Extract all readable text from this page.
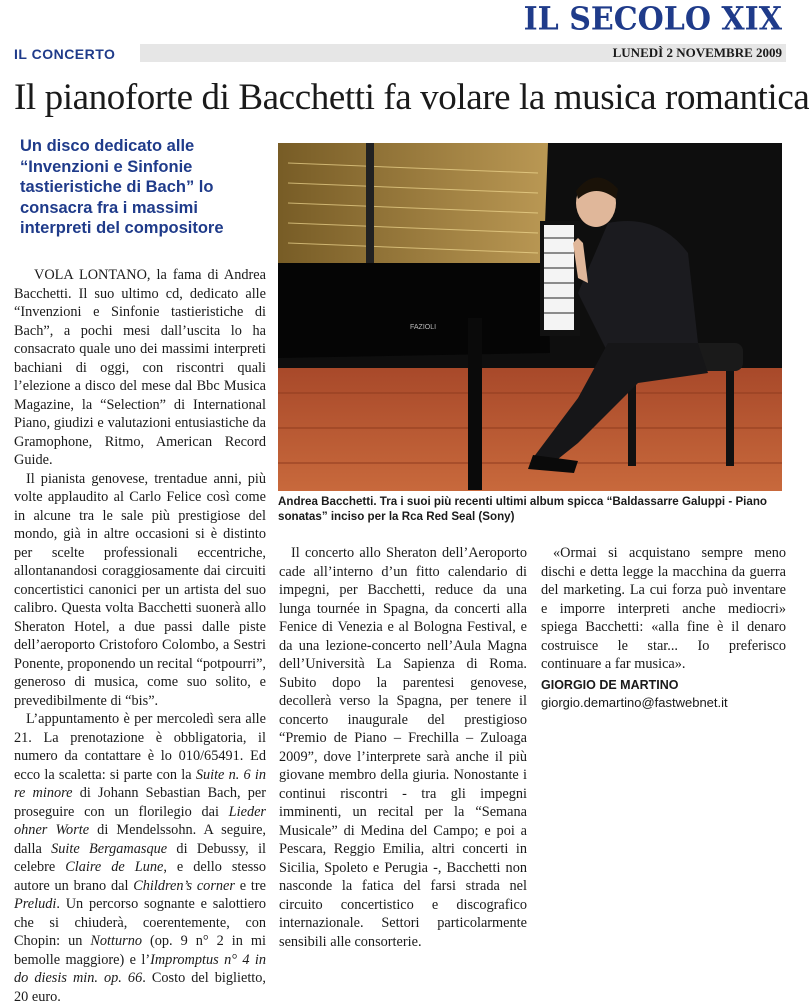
IL SECOLO XIX
IL CONCERTO	LUNEDÌ 2 NOVEMBRE 2009
Il pianoforte di Bacchetti fa volare la musica romantica
Un disco dedicato alle “Invenzioni e Sinfonie tastieristiche di Bach” lo consacra fra i massimi interpreti del compositore
FAZIOLI
Andrea Bacchetti. Tra i suoi più recenti ultimi album spicca “Baldassarre Galuppi - Piano sonatas” inciso per la Rca Red Seal (Sony)

VOLA LONTANO, la fama di Andrea Bacchetti. Il suo ultimo cd, dedicato alle “Invenzioni e Sinfonie tastieristiche di Bach”, a pochi mesi dall’uscita lo ha consacrato quale uno dei massimi interpreti bachiani di oggi, con riscontri quali l’elezione a disco del mese dal Bbc Musica Magazine, la “Selection” di International Piano, giudizi e valutazioni entusiastiche da Gramophone, Ritmo, American Record Guide.

Il pianista genovese, trentadue anni, più volte applaudito al Carlo Felice così come in alcune tra le sale più prestigiose del mondo, già in altre occasioni si è distinto per scelte professionali eccentriche, allontanandosi coraggiosamente dai circuiti concertistici canonici per un artista del suo calibro. Questa volta Bacchetti suonerà allo Sheraton Hotel, a due passi dalle piste dell’aeroporto Cristoforo Colombo, a Sestri Ponente, proponendo un recital “potpourri”, generoso di musica, come suo solito, e prevedibilmente di “bis”.

L’appuntamento è per mercoledì sera alle 21. La prenotazione è obbligatoria, il numero da contattare è lo 010/65491. Ed ecco la scaletta: si parte con la Suite n. 6 in re minore di Johann Sebastian Bach, per proseguire con un florilegio dai Lieder ohner Worte di Mendelssohn. A seguire, dalla Suite Bergamasque di Debussy, il celebre Claire de Lune, e dello stesso autore un brano dal Children’s corner e tre Preludi. Un percorso sognante e salottiero che si chiuderà, coerentemente, con Chopin: un Notturno (op. 9 n° 2 in mi bemolle maggiore) e l’Impromptus n° 4 in do diesis min. op. 66. Costo del biglietto, 20 euro.

Il concerto allo Sheraton dell’Aeroporto cade all’interno d’un fitto calendario di impegni, per Bacchetti, reduce da una lunga tournée in Spagna, da concerti alla Fenice di Venezia e al Bologna Festival, e da una lezione-concerto nell’Aula Magna dell’Università La Sapienza di Roma. Subito dopo la parentesi genovese, decollerà verso la Spagna, per tenere il concerto inaugurale del prestigioso “Premio de Piano – Frechilla – Zuloaga 2009”, dove l’interprete sarà anche il più giovane membro della giuria. Nonostante i continui riscontri - tra gli impegni imminenti, un recital per la “Semana Musicale” di Medina del Campo; e poi a Pescara, Reggio Emilia, altri concerti in Sicilia, Spoleto e Perugia -, Bacchetti non nasconde la fatica del farsi strada nel circuito concertistico e discografico internazionale. Settori particolarmente sensibili alle consorterie.

«Ormai si acquistano sempre meno dischi e detta legge la macchina da guerra del marketing. La cui forza può inventare e imporre interpreti anche mediocri» spiega Bacchetti: «alla fine è il denaro costruisce le star... Io preferisco continuare a far musica».

GIORGIO DE MARTINO
giorgio.demartino@fastwebnet.it
